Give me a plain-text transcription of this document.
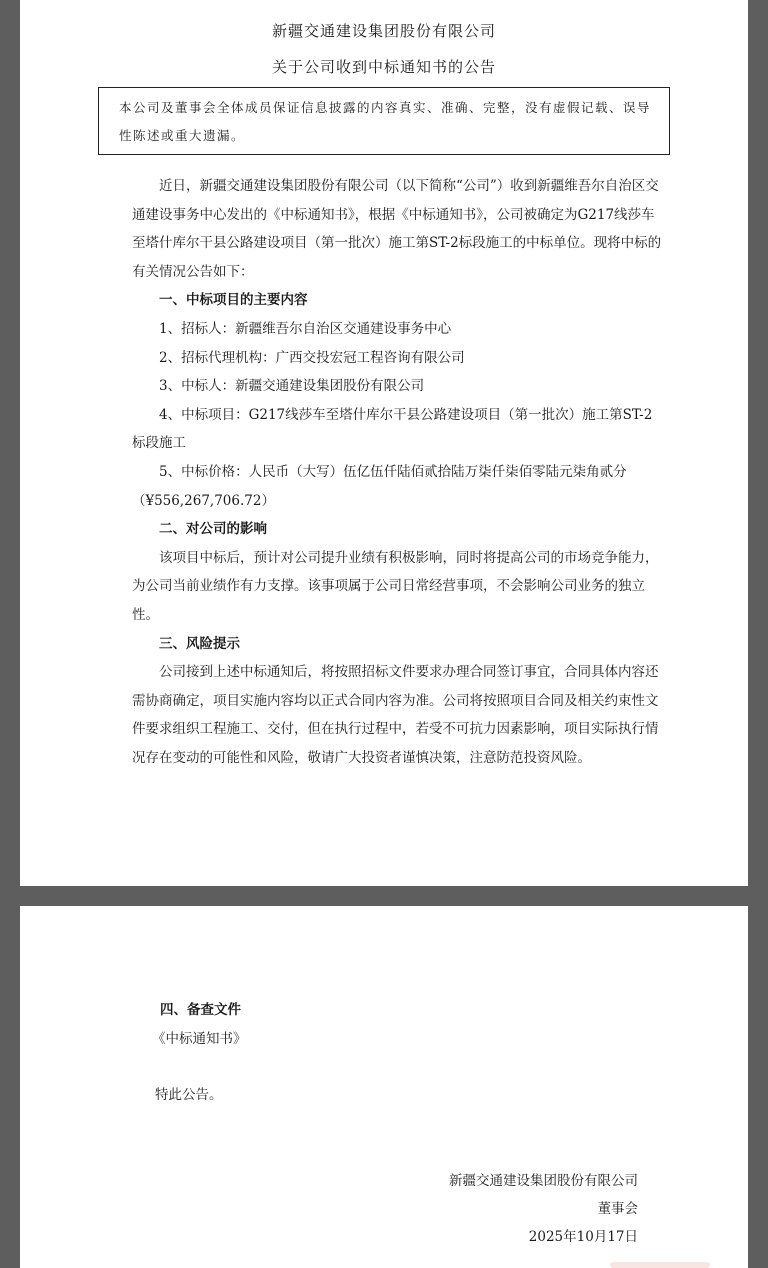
新疆交通建设集团股份有限公司
关于公司收到中标通知书的公告
本公司及董事会全体成员保证信息披露的内容真实、准确、完整，没有虚假记载、误导性陈述或重大遗漏。

近日，新疆交通建设集团股份有限公司（以下简称“公司”）收到新疆维吾尔自治区交通建设事务中心发出的《中标通知书》，根据《中标通知书》，公司被确定为G217线莎车至塔什库尔干县公路建设项目（第一批次）施工第ST-2标段施工的中标单位。现将中标的有关情况公告如下：

一、中标项目的主要内容

1、招标人：新疆维吾尔自治区交通建设事务中心

2、招标代理机构：广西交投宏冠工程咨询有限公司

3、中标人：新疆交通建设集团股份有限公司

4、中标项目：G217线莎车至塔什库尔干县公路建设项目（第一批次）施工第ST-2标段施工

5、中标价格：人民币（大写）伍亿伍仟陆佰贰拾陆万柒仟柒佰零陆元柒角贰分（¥556,267,706.72）

二、对公司的影响

该项目中标后，预计对公司提升业绩有积极影响，同时将提高公司的市场竞争能力，为公司当前业绩作有力支撑。该事项属于公司日常经营事项，不会影响公司业务的独立性。

三、风险提示

公司接到上述中标通知后，将按照招标文件要求办理合同签订事宜，合同具体内容还需协商确定，项目实施内容均以正式合同内容为准。公司将按照项目合同及相关约束性文件要求组织工程施工、交付，但在执行过程中，若受不可抗力因素影响，项目实际执行情况存在变动的可能性和风险，敬请广大投资者谨慎决策，注意防范投资风险。

四、备查文件

《中标通知书》

特此公告。

新疆交通建设集团股份有限公司
董事会
2025年10月17日
